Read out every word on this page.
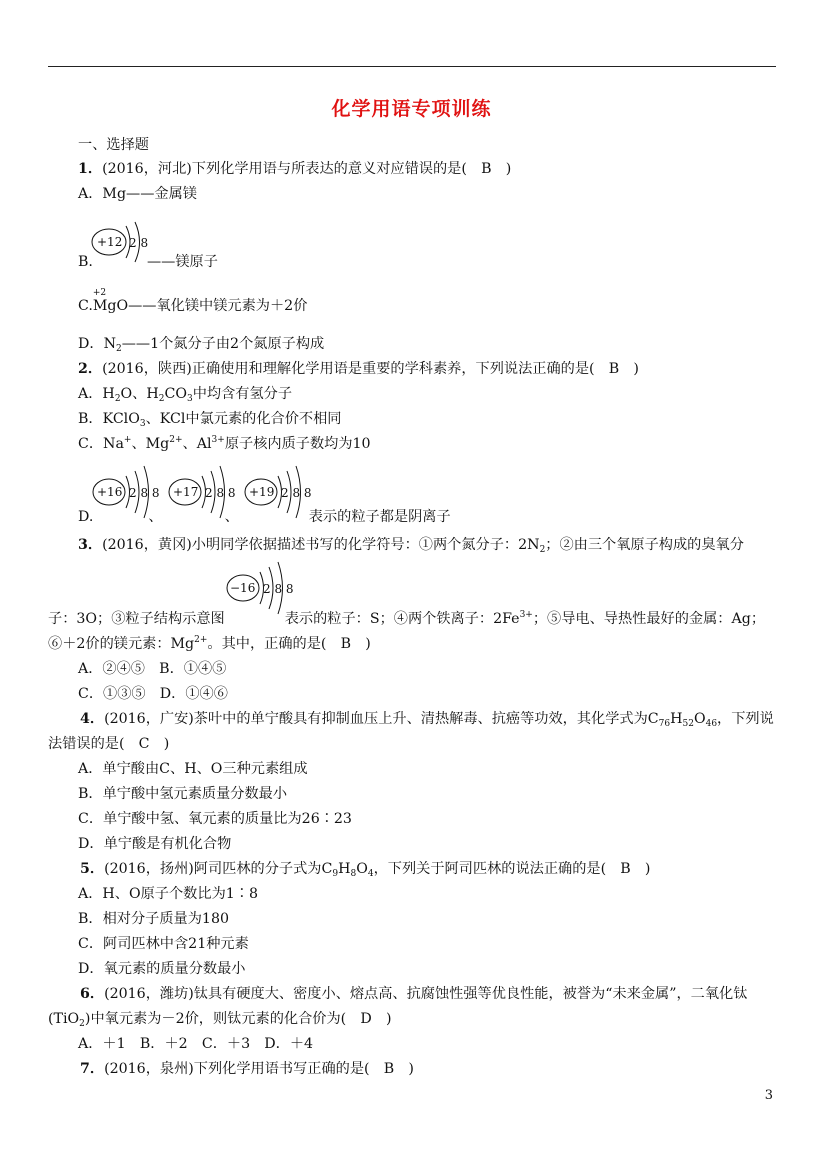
化学用语专项训练
一、选择题
1．(2016，河北)下列化学用语与所表达的意义对应错误的是(　B　)
A．Mg——金属镁
+12 2 8
B.	——镁原子
C.
+2
MgO——氧化镁中镁元素为＋2价
D．$N_2——1$个氮分子由2个氮原子构成
2．(2016，陕西)正确使用和理解化学用语是重要的学科素养，下列说法正确的是(　B　)
A．$H_2O$、$H_2CO_3$中均含有氢分子
B．KClO$_3$、KCl中氯元素的化合价不相同
C．Na+、$Mg^{2+}$、$Al^{3+}$原子核内质子数均为10
+16 2 8 8 +17 2 8 8 +19 2 8 8
D.	、	、	表示的粒子都是阴离子
3．(2016，黄冈)小明同学依据描述书写的化学符号：①两个氮分子：$2N_2$；②由三个氧原子构成的臭氧分
−16 2 8 8
子：3O；③粒子结构示意图	表示的粒子：S；④两个铁离子：$2Fe^{3+}$；⑤导电、导热性最好的金属：Ag；
⑥＋2价的镁元素：$Mg^{2+}$。其中，正确的是(　B　)
A．②④⑤　B．①④⑤
C．①③⑤　D．①④⑥
4．(2016，广安)茶叶中的单宁酸具有抑制血压上升、清热解毒、抗癌等功效，其化学式为$C_{76}H_{52}O_{46}$，下列说
法错误的是(　C　)
A．单宁酸由C、H、O三种元素组成
B．单宁酸中氢元素质量分数最小
C．单宁酸中氢、氧元素的质量比为26∶23
D．单宁酸是有机化合物
5．(2016，扬州)阿司匹林的分子式为$C_9H_8O_4$，下列关于阿司匹林的说法正确的是(　B　)
A．H、O原子个数比为1∶8
B．相对分子质量为180
C．阿司匹林中含21种元素
D．氧元素的质量分数最小
6．(2016，潍坊)钛具有硬度大、密度小、熔点高、抗腐蚀性强等优良性能，被誉为“未来金属”，二氧化钛
(TiO$_2$)中氧元素为－2价，则钛元素的化合价为(　D　)
A．＋1　B．＋2　C．＋3　D．＋4
7．(2016，泉州)下列化学用语书写正确的是(　B　)
3
